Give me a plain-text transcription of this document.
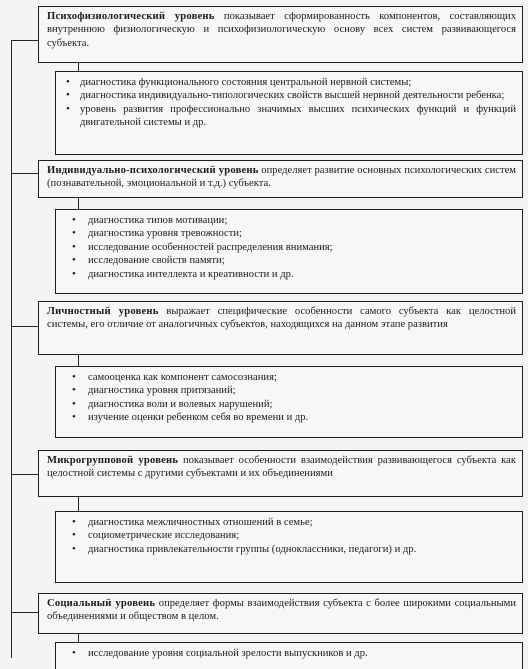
Психофизиологический уровень показывает сформированность компонентов, составляющих внутреннюю физиологическую и психофизиологическую основу всех систем развивающегося субъекта.
• диагностика функционального состояния центральной нервной системы;
• диагностика индивидуально-типологических свойств высшей нервной деятельности ребенка;
• уровень развития профессионально значимых высших психических функций и функций двигательной системы и др.
Индивидуально-психологический уровень определяет развитие основных психологических систем (познавательной, эмоциональной и т.д.) субъекта.
• диагностика типов мотивации;
• диагностика уровня тревожности;
• исследование особенностей распределения внимания;
• исследование свойств памяти;
• диагностика интеллекта и креативности и др.
Личностный уровень выражает специфические особенности самого субъекта как целостной системы, его отличие от аналогичных субъектов, находящихся на данном этапе развития
• самооценка как компонент самосознания;
• диагностика уровня притязаний;
• диагностика воли и волевых нарушений;
• изучение оценки ребенком себя во времени и др.
Микрогрупповой уровень показывает особенности взаимодействия развивающегося субъекта как целостной системы с другими субъектами и их объединениями
• диагностика межличностных отношений в семье;
• социометрические исследования;
• диагностика привлекательности группы (одноклассники, педагоги) и др.
Социальный уровень определяет формы взаимодействия субъекта с более широкими социальными объединениями и обществом в целом.
• исследование уровня социальной зрелости выпускников и др.
